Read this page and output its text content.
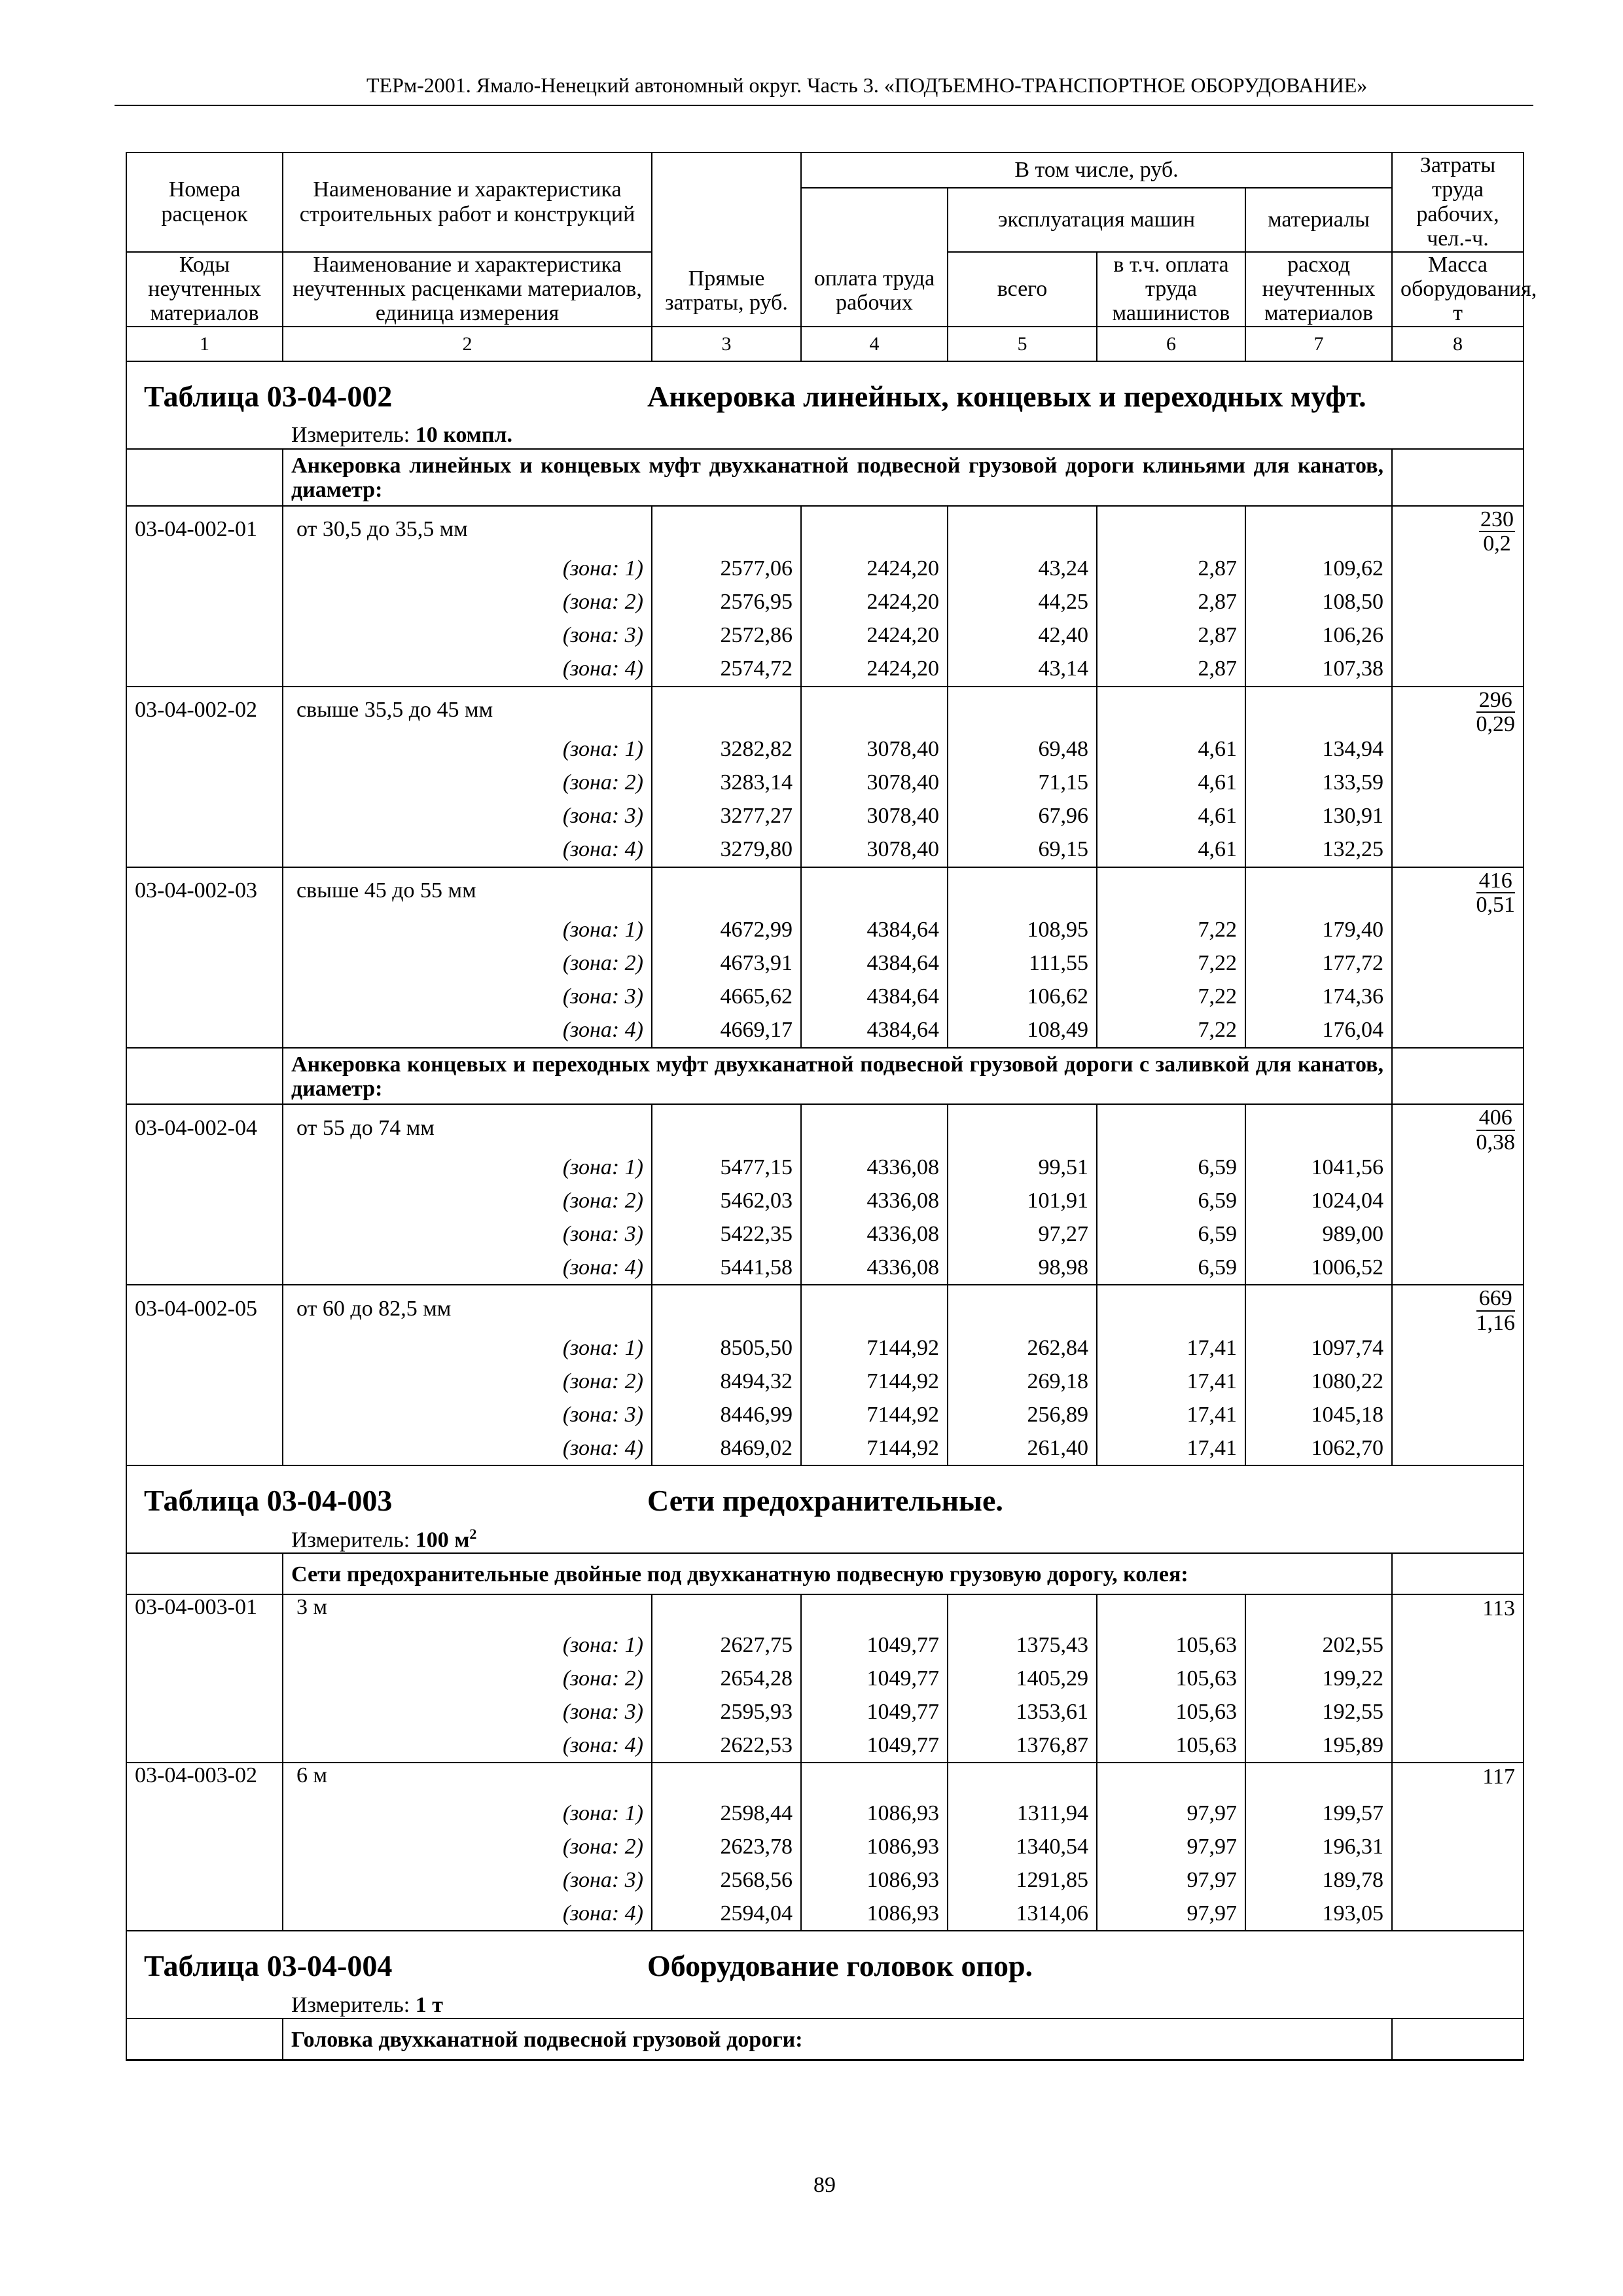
ТЕРм-2001. Ямало-Ненецкий автономный округ. Часть 3. «ПОДЪЕМНО-ТРАНСПОРТНОЕ ОБОРУДОВАНИЕ»
Номера расценок	Наименование и характеристика строительных работ и конструкций	Прямые затраты, руб.	В том числе, руб.				Затраты труда рабочих, чел.-ч.
			оплата труда рабочих	эксплуатация машин		материалы	
Коды неучтенных материалов	Наименование и характеристика неучтенных расценками материалов, единица измерения			всего	в т.ч. оплата труда машинистов	расход неучтенных материалов	Масса оборудования, т
1	2	3	4	5	6	7	8

Таблица 03-04-002 Анкеровка линейных, концевых и переходных муфт.							

Измеритель: 10 компл.							
	Анкеровка линейных и концевых муфт двухканатной подвесной грузовой дороги клиньями для канатов, диаметр:						
03-04-002-01	от 30,5 до 35,5 мм						$\frac{230}{0,2}$

	(зона: 1)	2577,06	2424,20	43,24	2,87	109,62	
	(зона: 2)	2576,95	2424,20	44,25	2,87	108,50	
	(зона: 3)	2572,86	2424,20	42,40	2,87	106,26	
	(зона: 4)	2574,72	2424,20	43,14	2,87	107,38	
03-04-002-02	свыше 35,5 до 45 мм						$\frac{296}{0,29}$

	(зона: 1)	3282,82	3078,40	69,48	4,61	134,94	
	(зона: 2)	3283,14	3078,40	71,15	4,61	133,59	
	(зона: 3)	3277,27	3078,40	67,96	4,61	130,91	
	(зона: 4)	3279,80	3078,40	69,15	4,61	132,25	
03-04-002-03	свыше 45 до 55 мм						$\frac{416}{0,51}$

	(зона: 1)	4672,99	4384,64	108,95	7,22	179,40	
	(зона: 2)	4673,91	4384,64	111,55	7,22	177,72	
	(зона: 3)	4665,62	4384,64	106,62	7,22	174,36	
	(зона: 4)	4669,17	4384,64	108,49	7,22	176,04	
	Анкеровка концевых и переходных муфт двухканатной подвесной грузовой дороги с заливкой для канатов, диаметр:						
03-04-002-04	от 55 до 74 мм						$\frac{406}{0,38}$

	(зона: 1)	5477,15	4336,08	99,51	6,59	1041,56	
	(зона: 2)	5462,03	4336,08	101,91	6,59	1024,04	
	(зона: 3)	5422,35	4336,08	97,27	6,59	989,00	
	(зона: 4)	5441,58	4336,08	98,98	6,59	1006,52	
03-04-002-05	от 60 до 82,5 мм						$\frac{669}{1,16}$

	(зона: 1)	8505,50	7144,92	262,84	17,41	1097,74	
	(зона: 2)	8494,32	7144,92	269,18	17,41	1080,22	
	(зона: 3)	8446,99	7144,92	256,89	17,41	1045,18	
	(зона: 4)	8469,02	7144,92	261,40	17,41	1062,70	

Таблица 03-04-003 Сети предохранительные.							

Измеритель: 100 $м^2$
	Сети предохранительные двойные под двухканатную подвесную грузовую дорогу, колея:						
03-04-003-01	3 м						113
	(зона: 1)	2627,75	1049,77	1375,43	105,63	202,55	
	(зона: 2)	2654,28	1049,77	1405,29	105,63	199,22	
	(зона: 3)	2595,93	1049,77	1353,61	105,63	192,55	
	(зона: 4)	2622,53	1049,77	1376,87	105,63	195,89	
03-04-003-02	6 м						117
	(зона: 1)	2598,44	1086,93	1311,94	97,97	199,57	
	(зона: 2)	2623,78	1086,93	1340,54	97,97	196,31	
	(зона: 3)	2568,56	1086,93	1291,85	97,97	189,78	
	(зона: 4)	2594,04	1086,93	1314,06	97,97	193,05	

Таблица 03-04-004 Оборудование головок опор.							

Измеритель: 1 т							
	Головка двухканатной подвесной грузовой дороги:						
89
